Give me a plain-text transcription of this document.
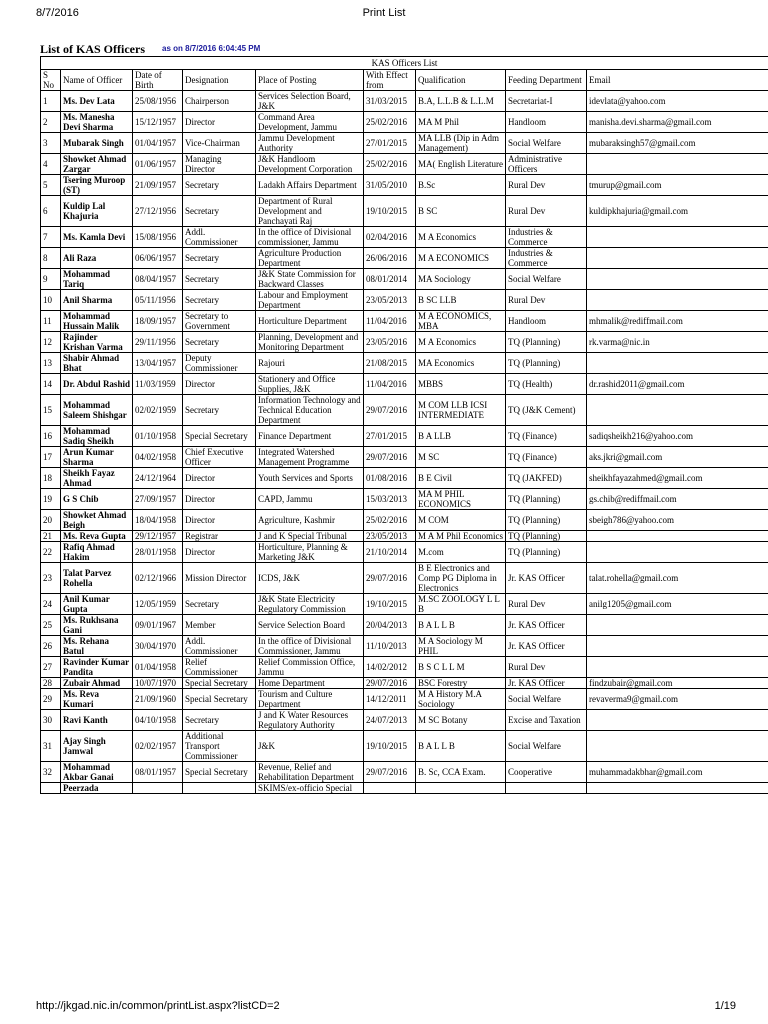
8/7/2016	Print List
List of KAS Officers as on 8/7/2016 6:04:45 PM
KAS Officers List								
S No	Name of Officer	Date of Birth	Designation	Place of Posting	With Effect from	Qualification	Feeding Department	Email
1	Ms. Dev Lata	25/08/1956	Chairperson	Services Selection Board, J&K	31/03/2015	B.A, L.L.B & L.L.M	Secretariat-I	idevlata@yahoo.com
2	Ms. Manesha Devi Sharma	15/12/1957	Director	Command Area Development, Jammu	25/02/2016	MA M Phil	Handloom	manisha.devi.sharma@gmail.com
3	Mubarak Singh	01/04/1957	Vice-Chairman	Jammu Development Authority	27/01/2015	MA LLB (Dip in Adm Management)	Social Welfare	mubaraksingh57@gmail.com
4	Showket Ahmad Zargar	01/06/1957	Managing Director	J&K Handloom Development Corporation	25/02/2016	MA( English Literature	Administrative Officers	
5	Tsering Muroop (ST)	21/09/1957	Secretary	Ladakh Affairs Department	31/05/2010	B.Sc	Rural Dev	tmurup@gmail.com
6	Kuldip Lal Khajuria	27/12/1956	Secretary	Department of Rural Development and Panchayati Raj	19/10/2015	B SC	Rural Dev	kuldipkhajuria@gmail.com
7	Ms. Kamla Devi	15/08/1956	Addl. Commissioner	In the office of Divisional commissioner, Jammu	02/04/2016	M A Economics	Industries & Commerce	
8	Ali Raza	06/06/1957	Secretary	Agriculture Production Department	26/06/2016	M A ECONOMICS	Industries & Commerce	
9	Mohammad Tariq	08/04/1957	Secretary	J&K State Commission for Backward Classes	08/01/2014	MA Sociology	Social Welfare	
10	Anil Sharma	05/11/1956	Secretary	Labour and Employment Department	23/05/2013	B SC LLB	Rural Dev	
11	Mohammad Hussain Malik	18/09/1957	Secretary to Government	Horticulture Department	11/04/2016	M A ECONOMICS, MBA	Handloom	mhmalik@rediffmail.com
12	Rajinder Krishan Varma	29/11/1956	Secretary	Planning, Development and Monitoring Department	23/05/2016	M A Economics	TQ (Planning)	rk.varma@nic.in
13	Shabir Ahmad Bhat	13/04/1957	Deputy Commissioner	Rajouri	21/08/2015	MA Economics	TQ (Planning)	
14	Dr. Abdul Rashid	11/03/1959	Director	Stationery and Office Supplies, J&K	11/04/2016	MBBS	TQ (Health)	dr.rashid2011@gmail.com
15	Mohammad Saleem Shishgar	02/02/1959	Secretary	Information Technology and Technical Education Department	29/07/2016	M COM LLB ICSI INTERMEDIATE	TQ (J&K Cement)	
16	Mohammad Sadiq Sheikh	01/10/1958	Special Secretary	Finance Department	27/01/2015	B A LLB	TQ (Finance)	sadiqsheikh216@yahoo.com
17	Arun Kumar Sharma	04/02/1958	Chief Executive Officer	Integrated Watershed Management Programme	29/07/2016	M SC	TQ (Finance)	aks.jkri@gmail.com
18	Sheikh Fayaz Ahmad	24/12/1964	Director	Youth Services and Sports	01/08/2016	B E Civil	TQ (JAKFED)	sheikhfayazahmed@gmail.com
19	G S Chib	27/09/1957	Director	CAPD, Jammu	15/03/2013	MA M PHIL ECONOMICS	TQ (Planning)	gs.chib@rediffmail.com
20	Showket Ahmad Beigh	18/04/1958	Director	Agriculture, Kashmir	25/02/2016	M COM	TQ (Planning)	sbeigh786@yahoo.com
21	Ms. Reva Gupta	29/12/1957	Registrar	J and K Special Tribunal	23/05/2013	M A M Phil Economics	TQ (Planning)	
22	Rafiq Ahmad Hakim	28/01/1958	Director	Horticulture, Planning & Marketing J&K	21/10/2014	M.com	TQ (Planning)	
23	Talat Parvez Rohella	02/12/1966	Mission Director	ICDS, J&K	29/07/2016	B E Electronics and Comp PG Diploma in Electronics	Jr. KAS Officer	talat.rohella@gmail.com
24	Anil Kumar Gupta	12/05/1959	Secretary	J&K State Electricity Regulatory Commission	19/10/2015	M.SC ZOOLOGY L L B	Rural Dev	anilg1205@gmail.com
25	Ms. Rukhsana Gani	09/01/1967	Member	Service Selection Board	20/04/2013	B A L L B	Jr. KAS Officer	
26	Ms. Rehana Batul	30/04/1970	Addl. Commissioner	In the office of Divisional Commissioner, Jammu	11/10/2013	M A Sociology M PHIL	Jr. KAS Officer	
27	Ravinder Kumar Pandita	01/04/1958	Relief Commissioner	Relief Commission Office, Jammu	14/02/2012	B S C L L M	Rural Dev	
28	Zubair Ahmad	10/07/1970	Special Secretary	Home Department	29/07/2016	BSC Forestry	Jr. KAS Officer	findzubair@gmail.com
29	Ms. Reva Kumari	21/09/1960	Special Secretary	Tourism and Culture Department	14/12/2011	M A History M.A Sociology	Social Welfare	revaverma9@gmail.com
30	Ravi Kanth	04/10/1958	Secretary	J and K Water Resources Regulatory Authority	24/07/2013	M SC Botany	Excise and Taxation	
31	Ajay Singh Jamwal	02/02/1957	Additional Transport Commissioner	J&K	19/10/2015	B A L L B	Social Welfare	
32	Mohammad Akbar Ganai	08/01/1957	Special Secretary	Revenue, Relief and Rehabilitation Department	29/07/2016	B. Sc, CCA Exam.	Cooperative	muhammadakbhar@gmail.com
	Peerzada			SKIMS/ex-officio Special				
http://jkgad.nic.in/common/printList.aspx?listCD=2	1/19
